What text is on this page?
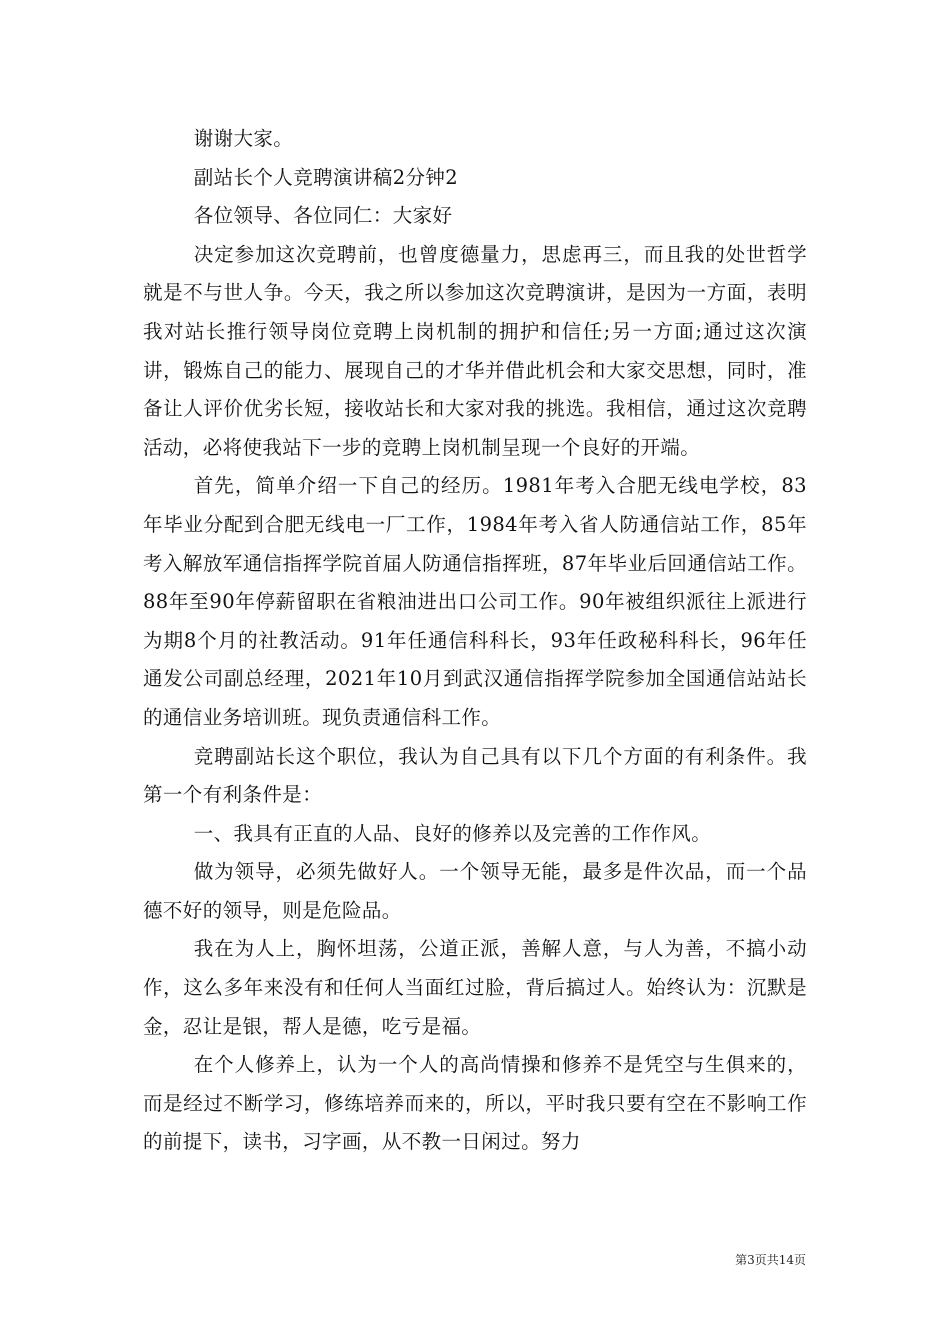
谢谢大家。

副站长个人竞聘演讲稿2分钟2

各位领导、各位同仁：大家好

决定参加这次竞聘前，也曾度德量力，思虑再三，而且我的处世哲学就是不与世人争。今天，我之所以参加这次竞聘演讲，是因为一方面，表明我对站长推行领导岗位竞聘上岗机制的拥护和信任;另一方面;通过这次演讲，锻炼自己的能力、展现自己的才华并借此机会和大家交思想，同时，准备让人评价优劣长短，接收站长和大家对我的挑选。我相信，通过这次竞聘活动，必将使我站下一步的竞聘上岗机制呈现一个良好的开端。

首先，简单介绍一下自己的经历。1981年考入合肥无线电学校，83年毕业分配到合肥无线电一厂工作，1984年考入省人防通信站工作，85年考入解放军通信指挥学院首届人防通信指挥班，87年毕业后回通信站工作。88年至90年停薪留职在省粮油进出口公司工作。90年被组织派往上派进行为期8个月的社教活动。91年任通信科科长，93年任政秘科科长，96年任通发公司副总经理，2021年10月到武汉通信指挥学院参加全国通信站站长的通信业务培训班。现负责通信科工作。

竞聘副站长这个职位，我认为自己具有以下几个方面的有利条件。我第一个有利条件是：

一、我具有正直的人品、良好的修养以及完善的工作作风。

做为领导，必须先做好人。一个领导无能，最多是件次品，而一个品德不好的领导，则是危险品。

我在为人上，胸怀坦荡，公道正派，善解人意，与人为善，不搞小动作，这么多年来没有和任何人当面红过脸，背后搞过人。始终认为：沉默是金，忍让是银，帮人是德，吃亏是福。

在个人修养上，认为一个人的高尚情操和修养不是凭空与生俱来的，而是经过不断学习，修练培养而来的，所以，平时我只要有空在不影响工作的前提下，读书，习字画，从不教一日闲过。努力

第3页共14页
